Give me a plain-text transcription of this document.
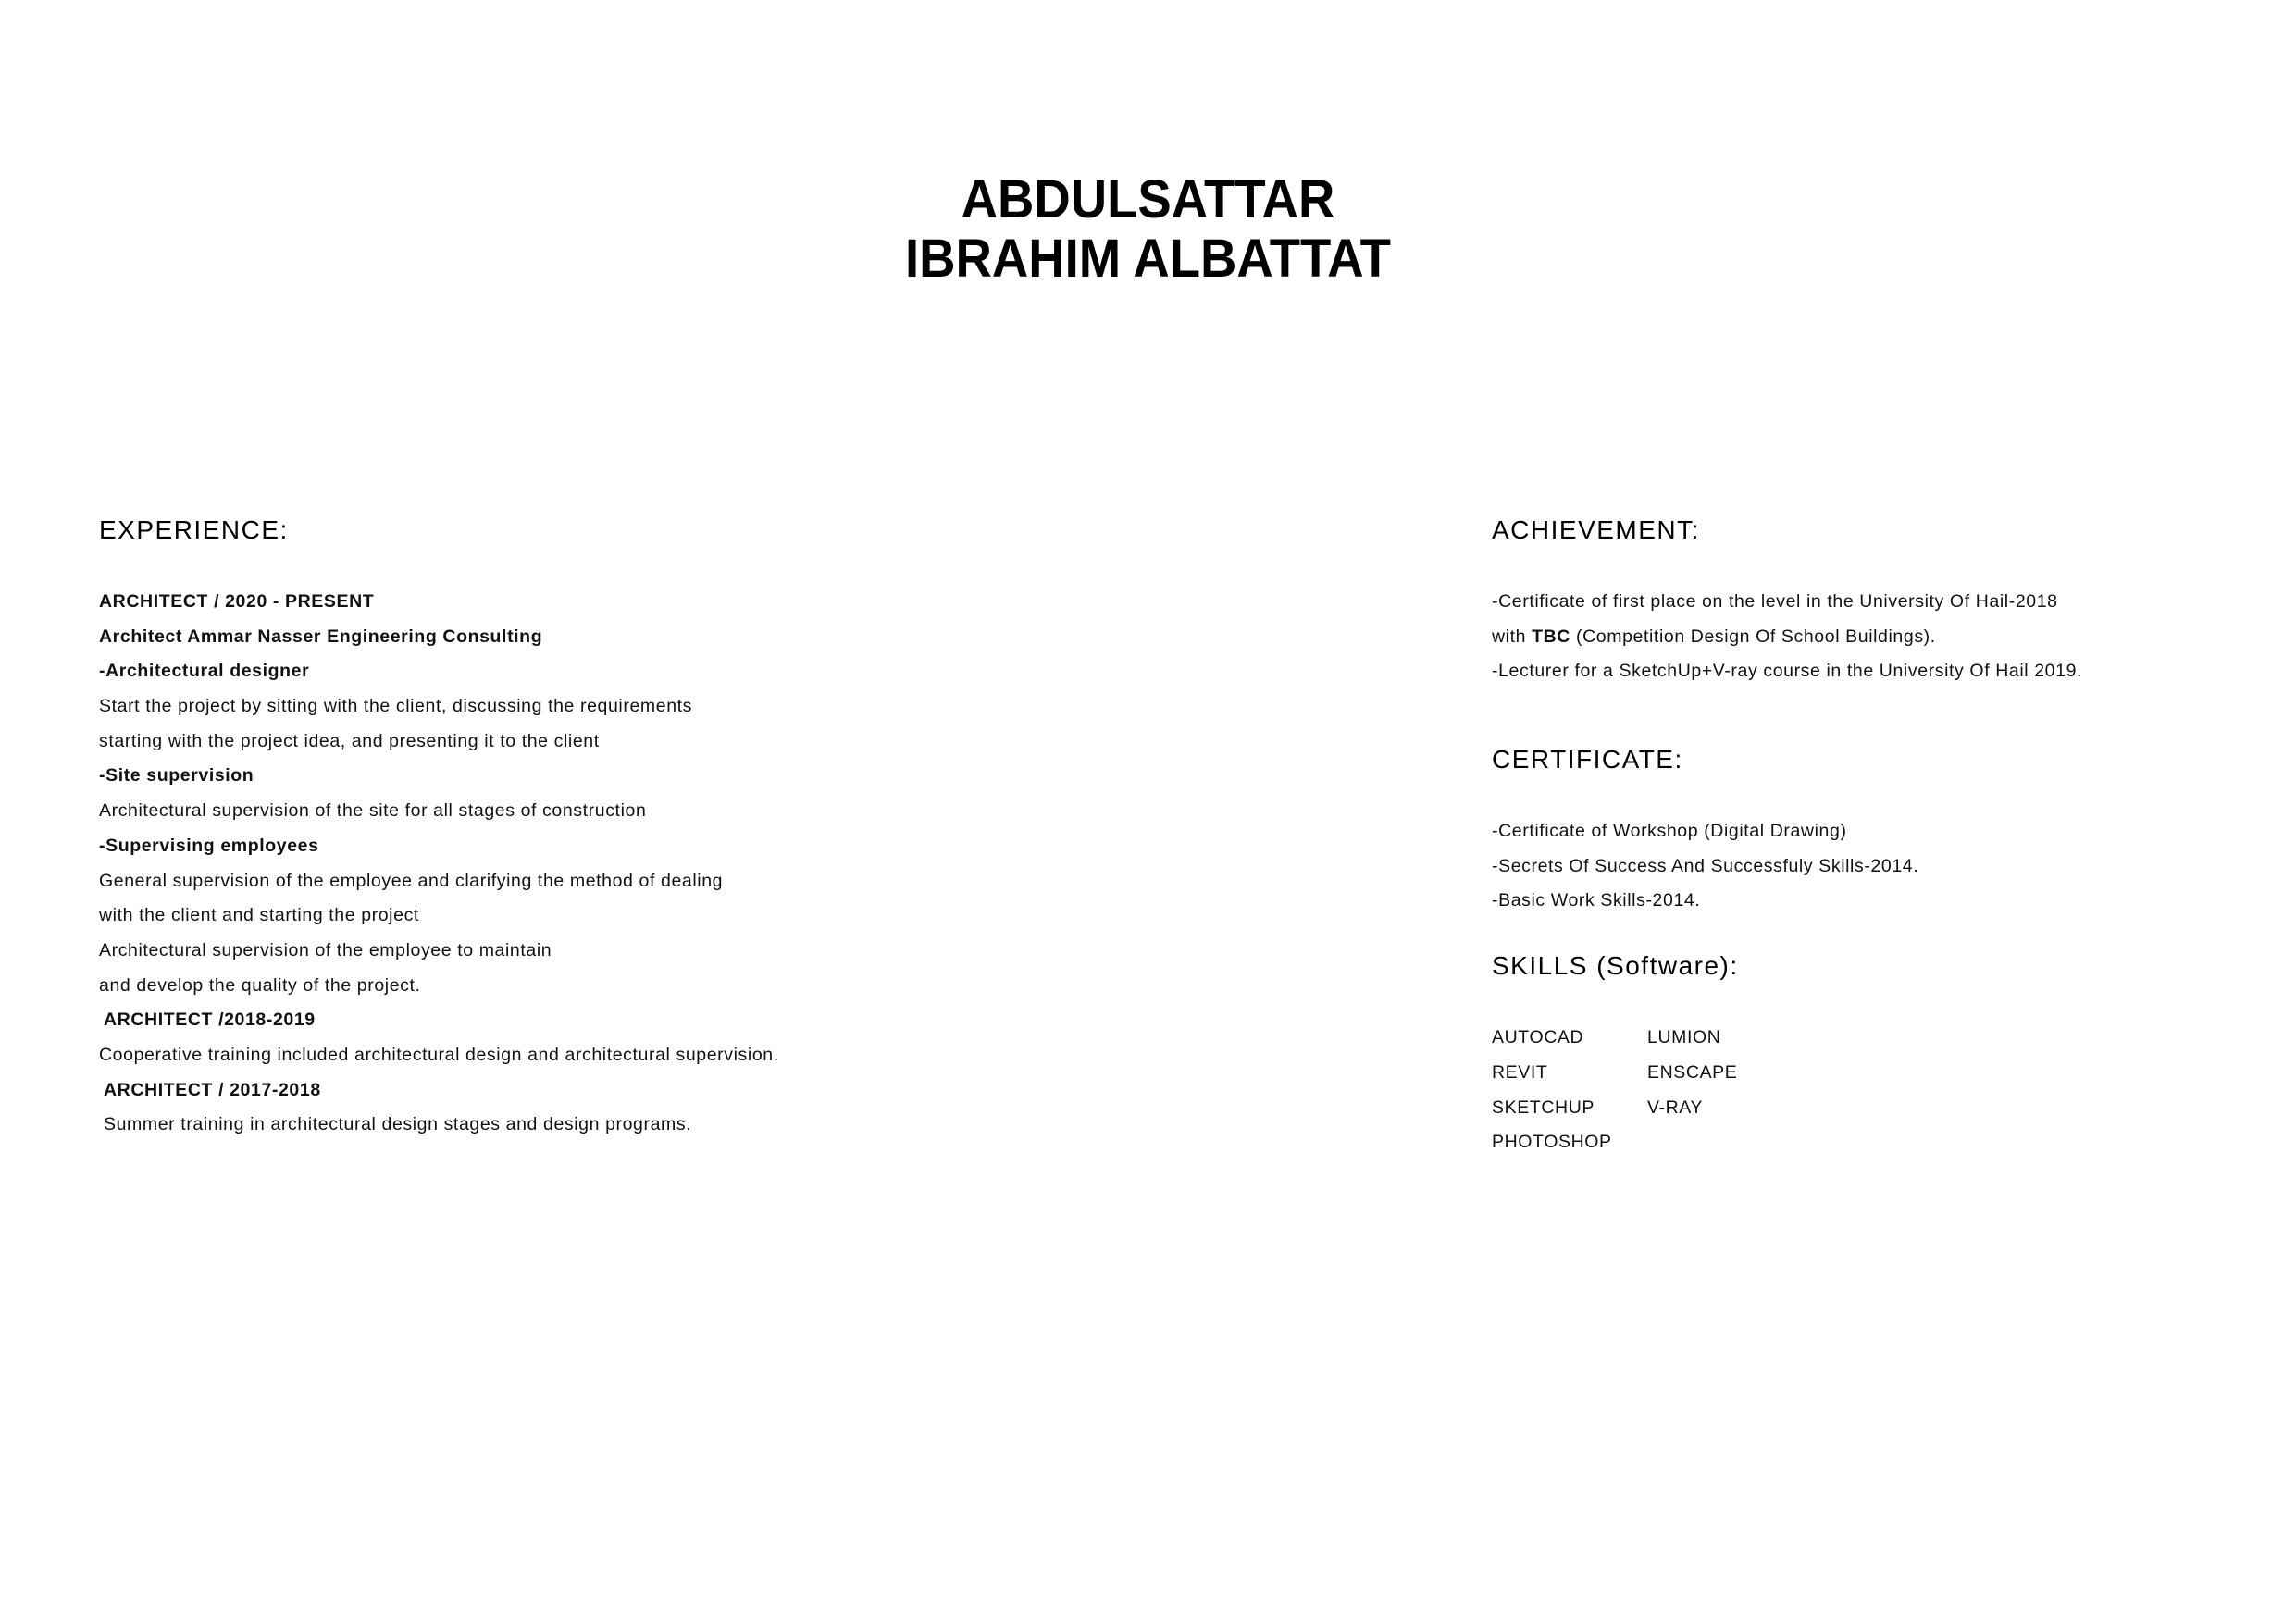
ABDULSATTAR
IBRAHIM ALBATTAT
EXPERIENCE:
ARCHITECT / 2020 - PRESENT
Architect Ammar Nasser Engineering Consulting
-Architectural designer
Start the project by sitting with the client, discussing the requirements
starting with the project idea, and presenting it to the client
-Site supervision
Architectural supervision of the site for all stages of construction
-Supervising employees
General supervision of the employee and clarifying the method of dealing
with the client and starting the project
Architectural supervision of the employee to maintain
and develop the quality of the project.
ARCHITECT /2018-2019
Cooperative training included architectural design and architectural supervision.
ARCHITECT / 2017-2018
Summer training in architectural design stages and design programs.
ACHIEVEMENT:
-Certificate of first place on the level in the University Of Hail-2018
with TBC (Competition Design Of School Buildings).
-Lecturer for a SketchUp+V-ray course in the University Of Hail 2019.
CERTIFICATE:
-Certificate of Workshop (Digital Drawing)
-Secrets Of Success And Successfuly Skills-2014.
-Basic Work Skills-2014.
SKILLS (Software):
AUTOCAD	LUMION
REVIT	ENSCAPE
SKETCHUP	V-RAY
PHOTOSHOP
